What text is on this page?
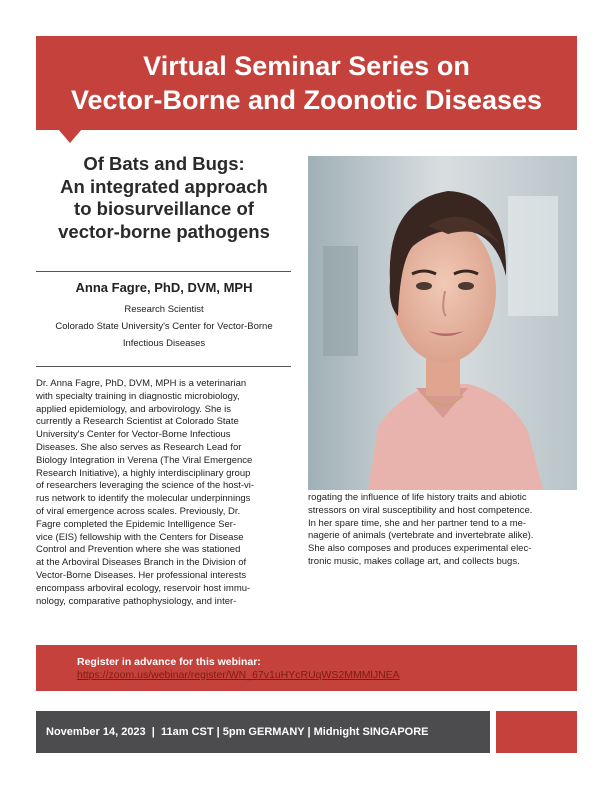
Virtual Seminar Series on
Vector-Borne and Zoonotic Diseases
Of Bats and Bugs:
An integrated approach
to biosurveillance of
vector-borne pathogens
Anna Fagre, PhD, DVM, MPH
Research Scientist
Colorado State University's Center for Vector-Borne
Infectious Diseases
Dr. Anna Fagre, PhD, DVM, MPH is a veterinarian
with specialty training in diagnostic microbiology,
applied epidemiology, and arbovirology. She is
currently a Research Scientist at Colorado State
University's Center for Vector-Borne Infectious
Diseases. She also serves as Research Lead for
Biology Integration in Verena (The Viral Emergence
Research Initiative), a highly interdisciplinary group
of researchers leveraging the science of the host-vi-
rus network to identify the molecular underpinnings
of viral emergence across scales. Previously, Dr.
Fagre completed the Epidemic Intelligence Ser-
vice (EIS) fellowship with the Centers for Disease
Control and Prevention where she was stationed
at the Arboviral Diseases Branch in the Division of
Vector-Borne Diseases. Her professional interests
encompass arboviral ecology, reservoir host immu-
nology, comparative pathophysiology, and inter-
rogating the influence of life history traits and abiotic
stressors on viral susceptibility and host competence.
In her spare time, she and her partner tend to a me-
nagerie of animals (vertebrate and invertebrate alike).
She also composes and produces experimental elec-
tronic music, makes collage art, and collects bugs.
Register in advance for this webinar:
https://zoom.us/webinar/register/WN_67v1uHYcRUqWS2MMMlJNEA
November 14, 2023  |  11am CST | 5pm GERMANY | Midnight SINGAPORE
